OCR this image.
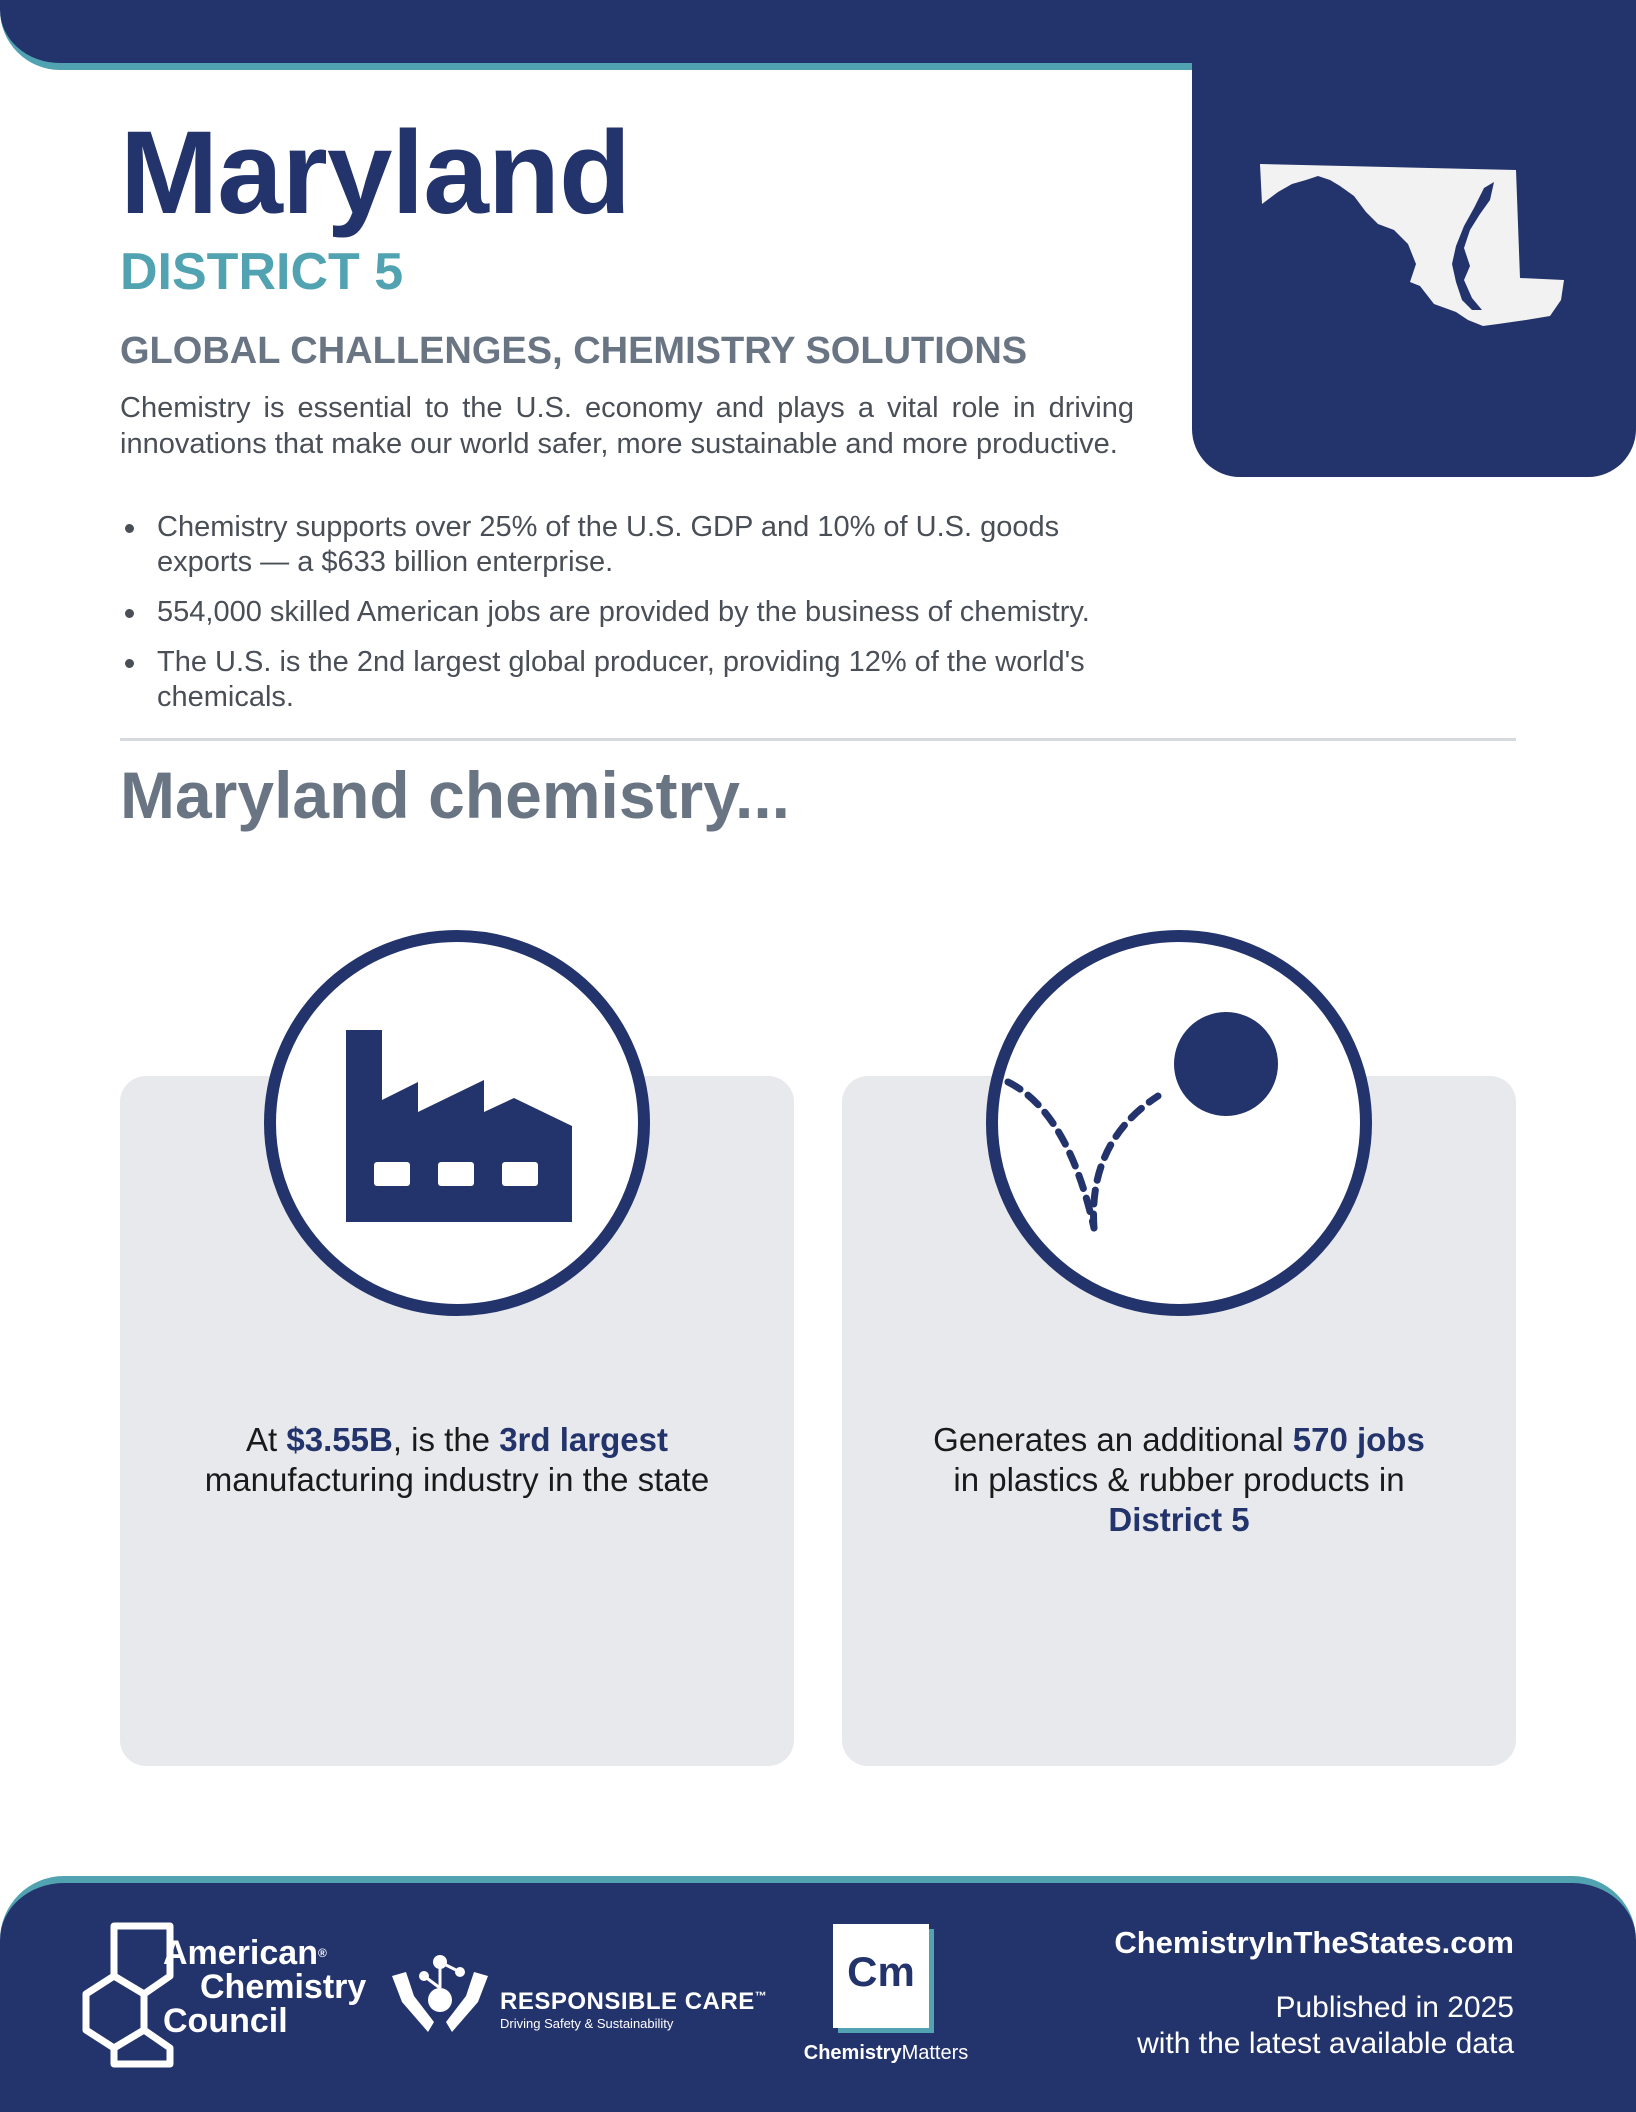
Maryland
DISTRICT 5
GLOBAL CHALLENGES, CHEMISTRY SOLUTIONS

Chemistry is essential to the U.S. economy and plays a vital role in driving innovations that make our world safer, more sustainable and more productive.

Chemistry supports over 25% of the U.S. GDP and 10% of U.S. goods exports — a $633 billion enterprise.
554,000 skilled American jobs are provided by the business of chemistry.
The U.S. is the 2nd largest global producer, providing 12% of the world's chemicals.
Maryland chemistry...
At $3.55B, is the 3rd largest manufacturing industry in the state
Generates an additional 570 jobs in plastics & rubber products in District 5
American®
Chemistry
Council
RESPONSIBLE CARE™
Driving Safety & Sustainability
Cm
ChemistryMatters
ChemistryInTheStates.com
Published in 2025
with the latest available data
